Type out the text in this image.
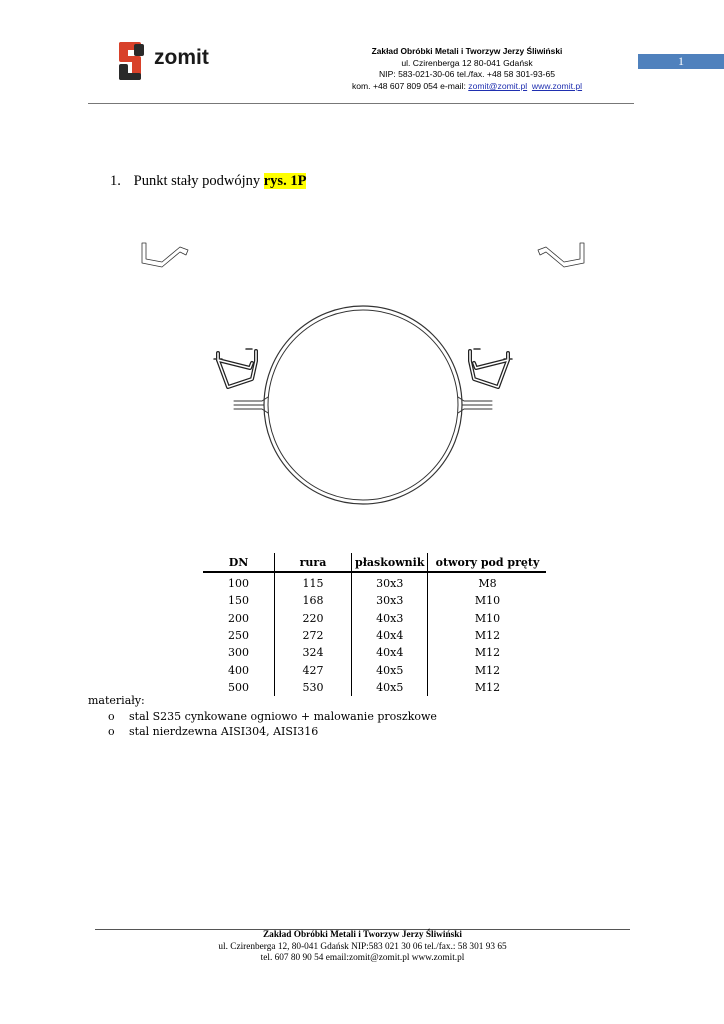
zomit	Zakład Obróbki Metali i Tworzyw Jerzy Śliwiński
ul. Czirenberga 12 80-041 Gdańsk
NIP: 583-021-30-06 tel./fax. +48 58 301-93-65
kom. +48 607 809 054 e-mail: zomit@zomit.pl www.zomit.pl
1
1. Punkt stały podwójny rys. 1P
DN	rura	płaskownik	otwory pod pręty
100	115	30x3	M8
150	168	30x3	M10
200	220	40x3	M10
250	272	40x4	M12
300	324	40x4	M12
400	427	40x5	M12
500	530	40x5	M12
materiały:
o stal S235 cynkowane ogniowo + malowanie proszkowe
o stal nierdzewna AISI304, AISI316
Zakład Obróbki Metali i Tworzyw Jerzy Śliwiński
ul. Czirenberga 12, 80-041 Gdańsk NIP:583 021 30 06 tel./fax.: 58 301 93 65
tel. 607 80 90 54 email:zomit@zomit.pl www.zomit.pl
